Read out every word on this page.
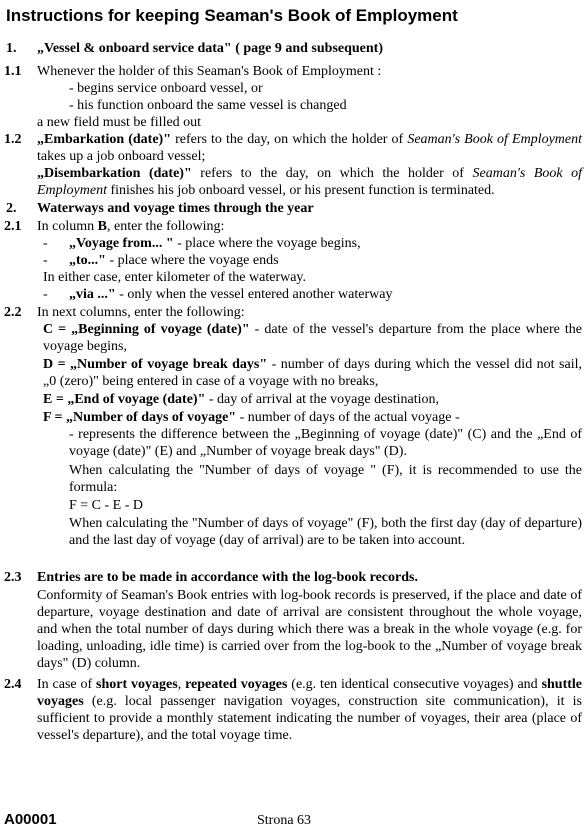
Instructions for keeping Seaman's Book of Employment
1. „Vessel & onboard service data" ( page 9 and subsequent)
1.1 Whenever the holder of this Seaman's Book of Employment :
- begins service onboard vessel, or
- his function onboard the same vessel is changed
a new field must be filled out
1.2 „Embarkation (date)" refers to the day, on which the holder of Seaman's Book of Employment takes up a job onboard vessel;
„Disembarkation (date)" refers to the day, on which the holder of Seaman's Book of Employment finishes his job onboard vessel, or his present function is terminated.
2. Waterways and voyage times through the year
2.1 In column B, enter the following:
- „Voyage from... " - place where the voyage begins,
- „to..." - place where the voyage ends
In either case, enter kilometer of the waterway.
- „via ..." - only when the vessel entered another waterway
2.2 In next columns, enter the following:
C = „Beginning of voyage (date)" - date of the vessel's departure from the place where the voyage begins,
D = „Number of voyage break days" - number of days during which the vessel did not sail, „0 (zero)" being entered in case of a voyage with no breaks,
E = „End of voyage (date)" - day of arrival at the voyage destination,
F = „Number of days of voyage" - number of days of the actual voyage -
- represents the difference between the „Beginning of voyage (date)" (C) and the „End of voyage (date)" (E) and „Number of voyage break days" (D).
When calculating the "Number of days of voyage " (F), it is recommended to use the formula:
F = C - E - D
When calculating the "Number of days of voyage" (F), both the first day (day of departure) and the last day of voyage (day of arrival) are to be taken into account.
2.3 Entries are to be made in accordance with the log-book records.
Conformity of Seaman's Book entries with log-book records is preserved, if the place and date of departure, voyage destination and date of arrival are consistent throughout the whole voyage, and when the total number of days during which there was a break in the whole voyage (e.g. for loading, unloading, idle time) is carried over from the log-book to the „Number of voyage break days" (D) column.
2.4 In case of short voyages, repeated voyages (e.g. ten identical consecutive voyages) and shuttle voyages (e.g. local passenger navigation voyages, construction site communication), it is sufficient to provide a monthly statement indicating the number of voyages, their area (place of vessel's departure), and the total voyage time.
A00001	Strona 63
